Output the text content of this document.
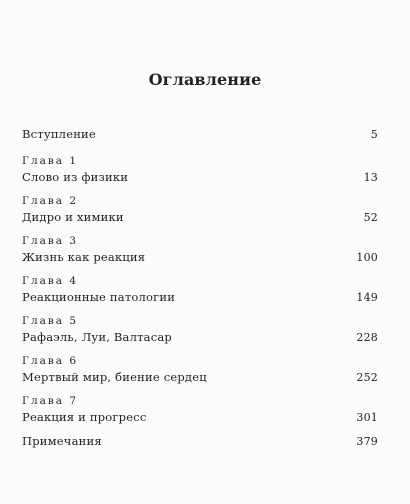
Оглавление
Вступление	5
Глава 1
Слово из физики	13
Глава 2
Дидро и химики	52
Глава 3
Жизнь как реакция	100
Глава 4
Реакционные патологии	149
Глава 5
Рафаэль, Луи, Валтасар	228
Глава 6
Мертвый мир, биение сердец	252
Глава 7
Реакция и прогресс	301
Примечания	379
